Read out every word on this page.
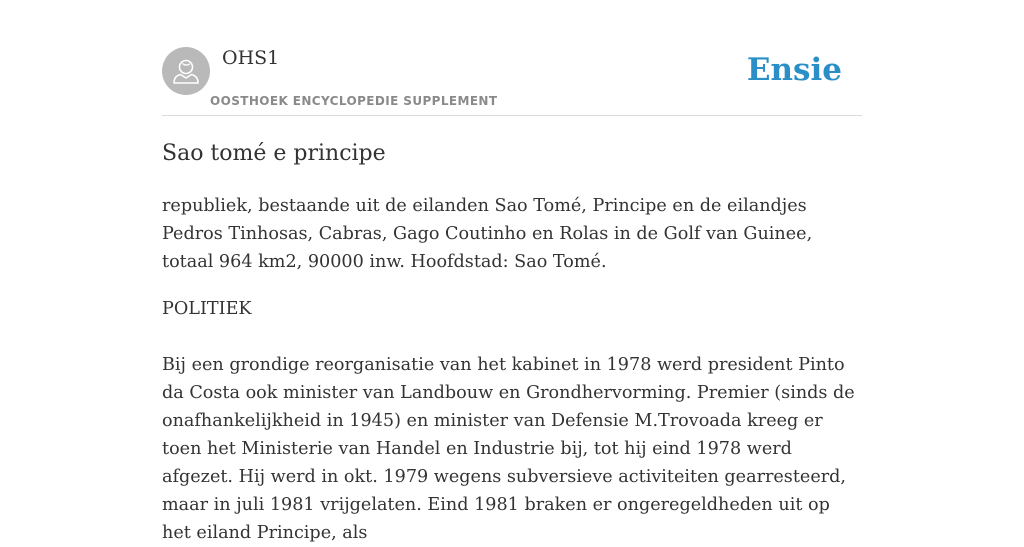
OHS1
OOSTHOEK ENCYCLOPEDIE SUPPLEMENT
Ensie
Sao tomé e principe

republiek, bestaande uit de eilanden Sao Tomé, Principe en de eilandjes Pedros Tinhosas, Cabras, Gago Coutinho en Rolas in de Golf van Guinee, totaal 964 km2, 90000 inw. Hoofdstad: Sao Tomé.

POLITIEK

Bij een grondige reorganisatie van het kabinet in 1978 werd president Pinto da Costa ook minister van Landbouw en Grondhervorming. Premier (sinds de onafhankelijkheid in 1945) en minister van Defensie M.Trovoada kreeg er toen het Ministerie van Handel en Industrie bij, tot hij eind 1978 werd afgezet. Hij werd in okt. 1979 wegens subversieve activiteiten gearresteerd, maar in juli 1981 vrijgelaten. Eind 1981 braken er ongeregeldheden uit op het eiland Principe, als
